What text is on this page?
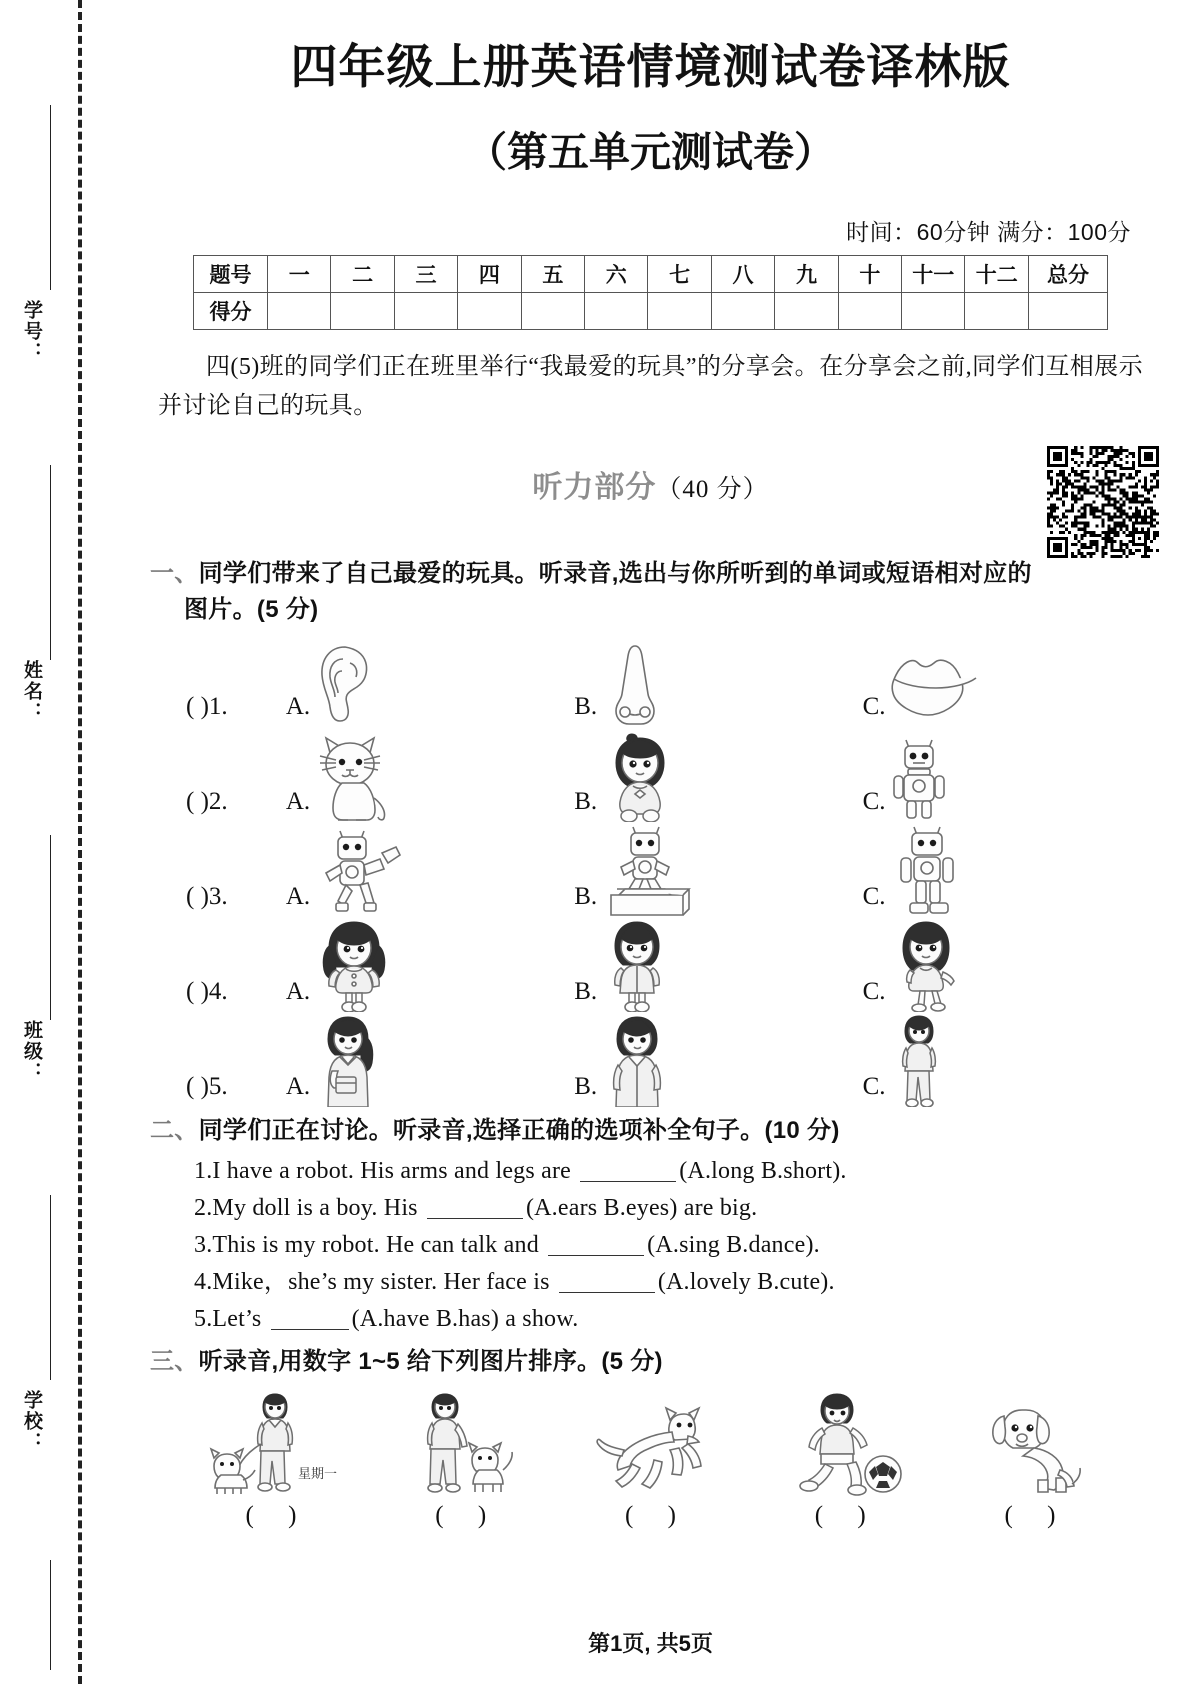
学号：
姓名：
班级：
学校：
四年级上册英语情境测试卷译林版
（第五单元测试卷）
时间：60分钟 满分：100分
题号	一	二	三	四	五	六	七	八	九	十	十一	十二	总分
得分													

四(5)班的同学们正在班里举行“我最爱的玩具”的分享会。在分享会之前,同学们互相展示并讨论自己的玩具。

听力部分（40 分）
一、同学们带来了自己最爱的玩具。听录音,选出与你所听到的单词或短语相对应的
图片。(5 分)
( )1.	A.	B.	C.
( )2.	A.	B.	C.
( )3.	A.	B.	C.
( )4.	A.	B.	C.
( )5.	A.	B.	C.
二、同学们正在讨论。听录音,选择正确的选项补全句子。(10 分)
1.I have a robot. His arms and legs are	(A.long B.short).
2.My doll is a boy. His	(A.ears B.eyes) are big.
3.This is my robot. He can talk and	(A.sing B.dance).
4.Mike，she’s my sister. Her face is	(A.lovely B.cute).
5.Let’s	(A.have B.has) a show.
三、听录音,用数字 1~5 给下列图片排序。(5 分)
星期一
( )	( )	( )	( )	( )
第1页, 共5页
